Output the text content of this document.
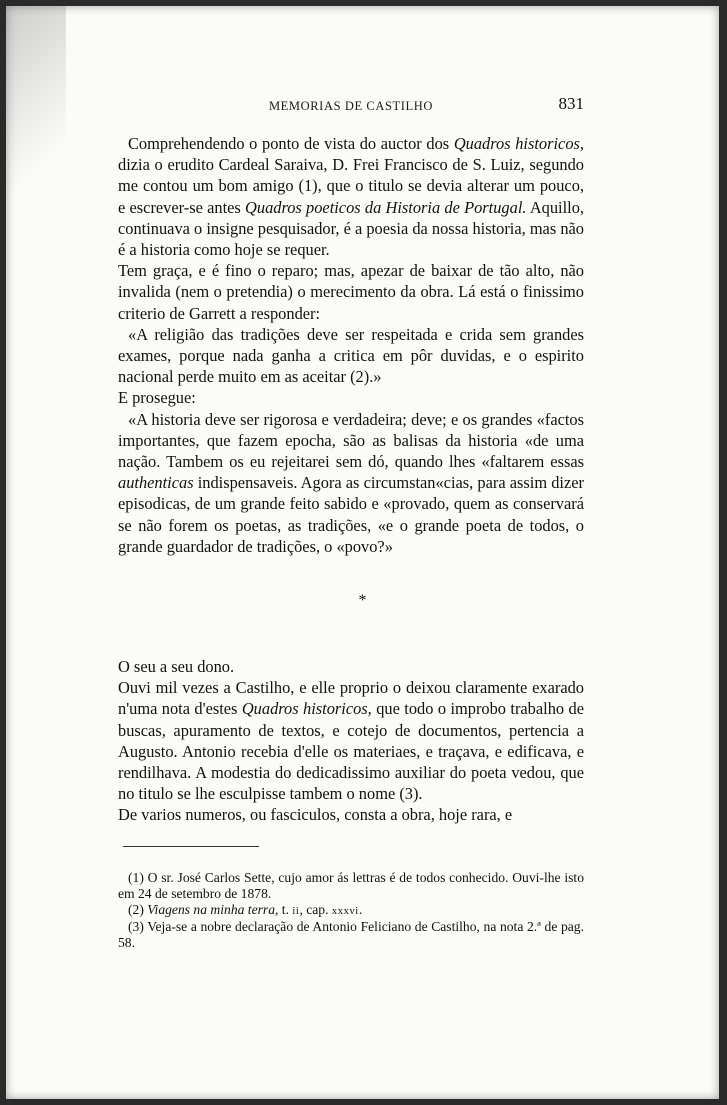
MEMORIAS DE CASTILHO	831

Comprehendendo o ponto de vista do auctor dos Quadros historicos, dizia o erudito Cardeal Saraiva, D. Frei Francisco de S. Luiz, segundo me contou um bom amigo (1), que o titulo se devia alterar um pouco, e escrever-se antes Quadros poeticos da Historia de Portugal. Aquillo, continuava o insigne pesquisador, é a poesia da nossa historia, mas não é a historia como hoje se requer.

Tem graça, e é fino o reparo; mas, apezar de baixar de tão alto, não invalida (nem o pretendia) o merecimento da obra. Lá está o finissimo criterio de Garrett a responder:

«A religião das tradições deve ser respeitada e crida sem grandes exames, porque nada ganha a critica em pôr duvidas, e o espirito nacional perde muito em as aceitar (2).»

E prosegue:

«A historia deve ser rigorosa e verdadeira; deve; e os grandes «factos importantes, que fazem epocha, são as balisas da historia «de uma nação. Tambem os eu rejeitarei sem dó, quando lhes «faltarem essas authenticas indispensaveis. Agora as circumstan«cias, para assim dizer episodicas, de um grande feito sabido e «provado, quem as conservará se não forem os poetas, as tradições, «e o grande poeta de todos, o grande guardador de tradições, o «povo?»

*

O seu a seu dono.

Ouvi mil vezes a Castilho, e elle proprio o deixou claramente exarado n'uma nota d'estes Quadros historicos, que todo o improbo trabalho de buscas, apuramento de textos, e cotejo de documentos, pertencia a Augusto. Antonio recebia d'elle os materiaes, e traçava, e edificava, e rendilhava. A modestia do dedicadissimo auxiliar do poeta vedou, que no titulo se lhe esculpisse tambem o nome (3).

De varios numeros, ou fasciculos, consta a obra, hoje rara, e

(1) O sr. José Carlos Sette, cujo amor ás lettras é de todos conhecido. Ouvi-lhe isto em 24 de setembro de 1878.

(2) Viagens na minha terra, t. ii, cap. xxxvi.

(3) Veja-se a nobre declaração de Antonio Feliciano de Castilho, na nota 2.ª de pag. 58.
